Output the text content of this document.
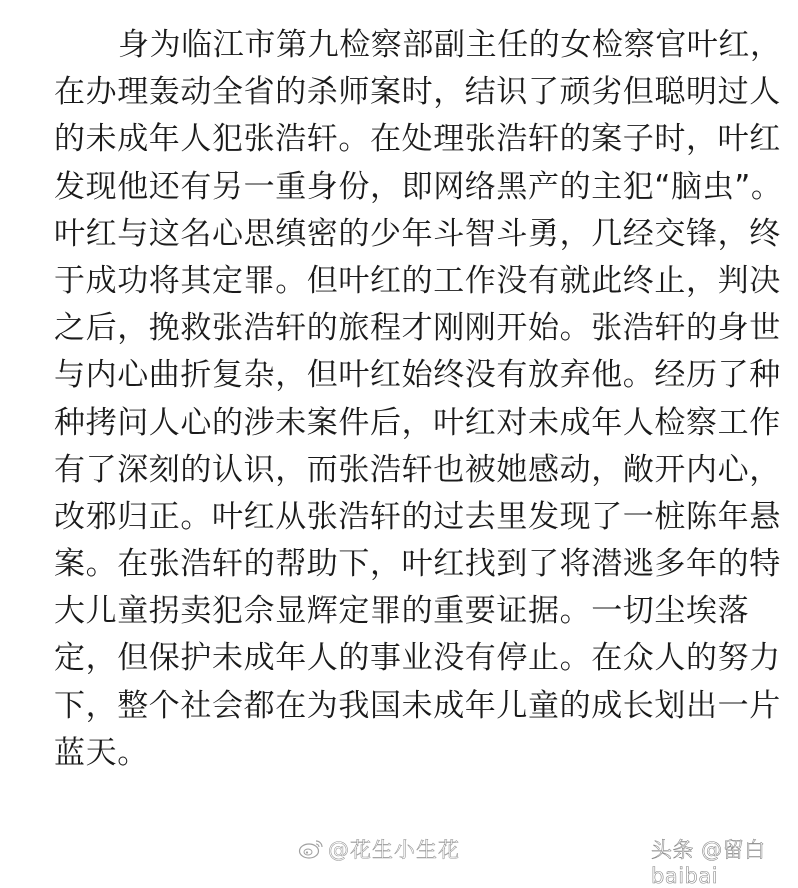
身为临江市第九检察部副主任的女检察官叶红，
在办理轰动全省的杀师案时，结识了顽劣但聪明过人
的未成年人犯张浩轩。在处理张浩轩的案子时，叶红
发现他还有另一重身份，即网络黑产的主犯“脑虫”。
叶红与这名心思缜密的少年斗智斗勇，几经交锋，终
于成功将其定罪。但叶红的工作没有就此终止，判决
之后，挽救张浩轩的旅程才刚刚开始。张浩轩的身世
与内心曲折复杂，但叶红始终没有放弃他。经历了种
种拷问人心的涉未案件后，叶红对未成年人检察工作
有了深刻的认识，而张浩轩也被她感动，敞开内心，
改邪归正。叶红从张浩轩的过去里发现了一桩陈年悬
案。在张浩轩的帮助下，叶红找到了将潜逃多年的特
大儿童拐卖犯佘显辉定罪的重要证据。一切尘埃落
定，但保护未成年人的事业没有停止。在众人的努力
下，整个社会都在为我国未成年儿童的成长划出一片
蓝天。
@花生小生花	头条 @留白baibai
